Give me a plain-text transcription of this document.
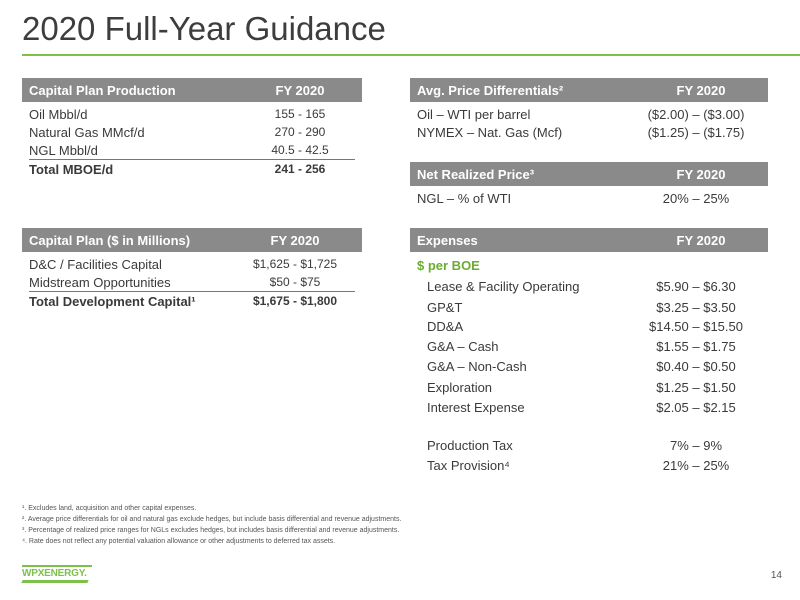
2020 Full-Year Guidance
Capital Plan Production	FY 2020
Oil Mbbl/d	155 - 165
Natural Gas MMcf/d	270 - 290
NGL Mbbl/d	40.5 - 42.5
Total MBOE/d	241 - 256
Capital Plan ($ in Millions)	FY 2020
D&C / Facilities Capital	$1,625 - $1,725
Midstream Opportunities	$50 - $75
Total Development Capital¹	$1,675 - $1,800
Avg. Price Differentials²	FY 2020
Oil – WTI per barrel	($2.00) – ($3.00)
NYMEX – Nat. Gas (Mcf)	($1.25) – ($1.75)
Net Realized Price³	FY 2020
NGL – % of WTI	20% – 25%
Expenses	FY 2020
$ per BOE
Lease & Facility Operating	$5.90 – $6.30
GP&T	$3.25 – $3.50
DD&A	$14.50 – $15.50
G&A – Cash	$1.55 – $1.75
G&A – Non-Cash	$0.40 – $0.50
Exploration	$1.25 – $1.50
Interest Expense	$2.05 – $2.15
Production Tax	7% – 9%
Tax Provision⁴	21% – 25%
¹. Excludes land, acquisition and other capital expenses.
². Average price differentials for oil and natural gas exclude hedges, but include basis differential and revenue adjustments.
³. Percentage of realized price ranges for NGLs excludes hedges, but includes basis differential and revenue adjustments.
⁴. Rate does not reflect any potential valuation allowance or other adjustments to deferred tax assets.
WPXENERGY.	14
